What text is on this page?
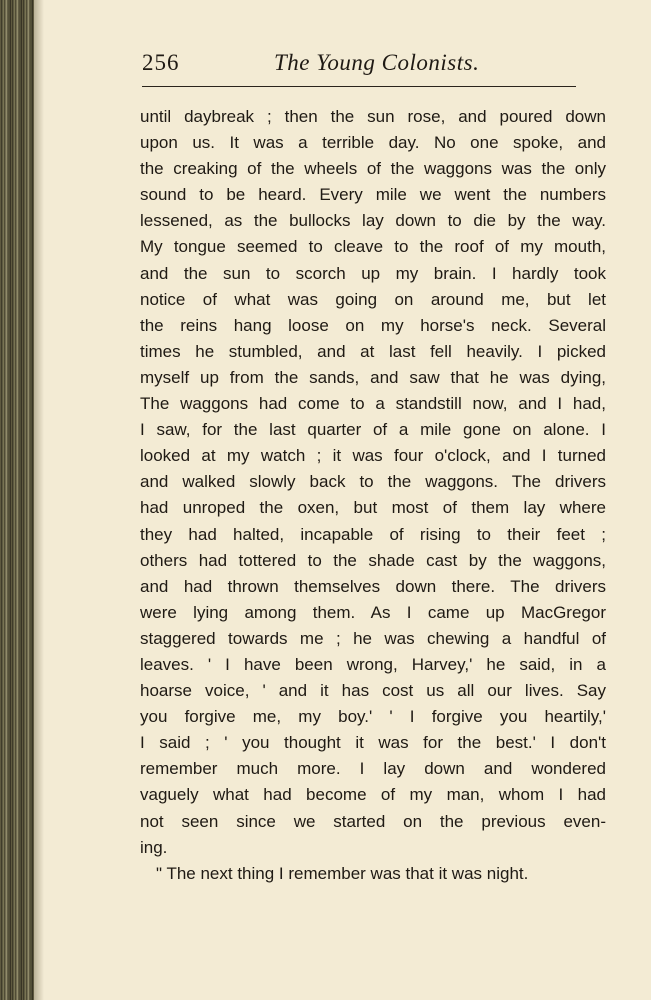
256	The Young Colonists.
until daybreak ; then the sun rose, and poured down
upon us. It was a terrible day. No one spoke, and
the creaking of the wheels of the waggons was the only
sound to be heard. Every mile we went the numbers
lessened, as the bullocks lay down to die by the way.
My tongue seemed to cleave to the roof of my mouth,
and the sun to scorch up my brain. I hardly took
notice of what was going on around me, but let
the reins hang loose on my horse's neck. Several
times he stumbled, and at last fell heavily. I picked
myself up from the sands, and saw that he was dying,
The waggons had come to a standstill now, and I had,
I saw, for the last quarter of a mile gone on alone. I
looked at my watch ; it was four o'clock, and I turned
and walked slowly back to the waggons. The drivers
had unroped the oxen, but most of them lay where
they had halted, incapable of rising to their feet ;
others had tottered to the shade cast by the waggons,
and had thrown themselves down there. The drivers
were lying among them. As I came up MacGregor
staggered towards me ; he was chewing a handful of
leaves. ' I have been wrong, Harvey,' he said, in a
hoarse voice, ' and it has cost us all our lives. Say
you forgive me, my boy.' ' I forgive you heartily,'
I said ; ' you thought it was for the best.' I don't
remember much more. I lay down and wondered
vaguely what had become of my man, whom I had
not seen since we started on the previous even-
ing.
" The next thing I remember was that it was night.
